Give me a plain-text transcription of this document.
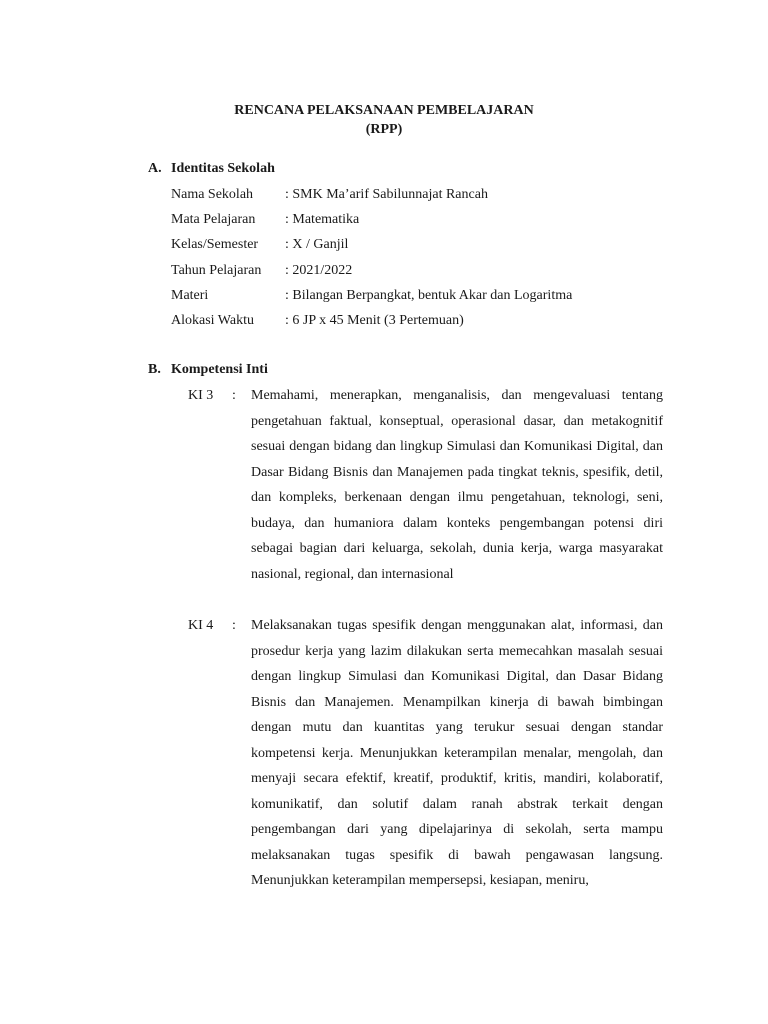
RENCANA PELAKSANAAN PEMBELAJARAN
(RPP)
A. Identitas Sekolah
Nama Sekolah : SMK Ma’arif Sabilunnajat Rancah
Mata Pelajaran : Matematika
Kelas/Semester : X / Ganjil
Tahun Pelajaran : 2021/2022
Materi	: Bilangan Berpangkat, bentuk Akar dan Logaritma
Alokasi Waktu : 6 JP x 45 Menit (3 Pertemuan)
B. Kompetensi Inti
KI 3 : Memahami, menerapkan, menganalisis, dan mengevaluasi tentang pengetahuan faktual, konseptual, operasional dasar, dan metakognitif sesuai dengan bidang dan lingkup Simulasi dan Komunikasi Digital, dan Dasar Bidang Bisnis dan Manajemen pada tingkat teknis, spesifik, detil, dan kompleks, berkenaan dengan ilmu pengetahuan, teknologi, seni, budaya, dan humaniora dalam konteks pengembangan potensi diri sebagai bagian dari keluarga, sekolah, dunia kerja, warga masyarakat nasional, regional, dan internasional
KI 4 : Melaksanakan tugas spesifik dengan menggunakan alat, informasi, dan prosedur kerja yang lazim dilakukan serta memecahkan masalah sesuai dengan lingkup Simulasi dan Komunikasi Digital, dan Dasar Bidang Bisnis dan Manajemen. Menampilkan kinerja di bawah bimbingan dengan mutu dan kuantitas yang terukur sesuai dengan standar kompetensi kerja. Menunjukkan keterampilan menalar, mengolah, dan menyaji secara efektif, kreatif, produktif, kritis, mandiri, kolaboratif, komunikatif, dan solutif dalam ranah abstrak terkait dengan pengembangan dari yang dipelajarinya di sekolah, serta mampu melaksanakan tugas spesifik di bawah pengawasan langsung. Menunjukkan keterampilan mempersepsi, kesiapan, meniru,
